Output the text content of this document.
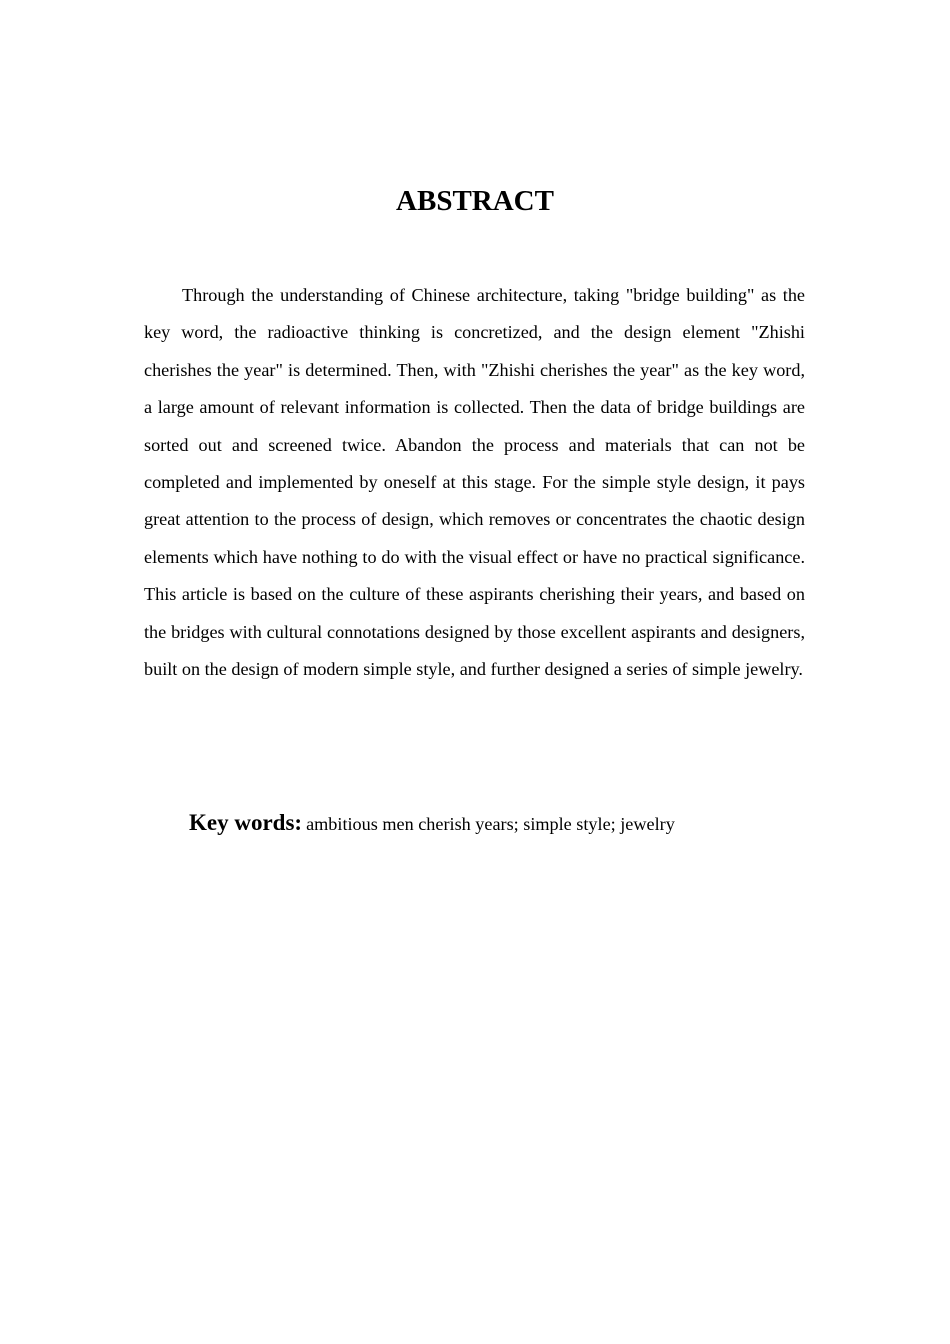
ABSTRACT

Through the understanding of Chinese architecture, taking "bridge building" as the key word, the radioactive thinking is concretized, and the design element "Zhishi cherishes the year" is determined. Then, with "Zhishi cherishes the year" as the key word, a large amount of relevant information is collected. Then the data of bridge buildings are sorted out and screened twice. Abandon the process and materials that can not be completed and implemented by oneself at this stage. For the simple style design, it pays great attention to the process of design, which removes or concentrates the chaotic design elements which have nothing to do with the visual effect or have no practical significance. This article is based on the culture of these aspirants cherishing their years, and based on the bridges with cultural connotations designed by those excellent aspirants and designers, built on the design of modern simple style, and further designed a series of simple jewelry.

Key words: ambitious men cherish years; simple style; jewelry
